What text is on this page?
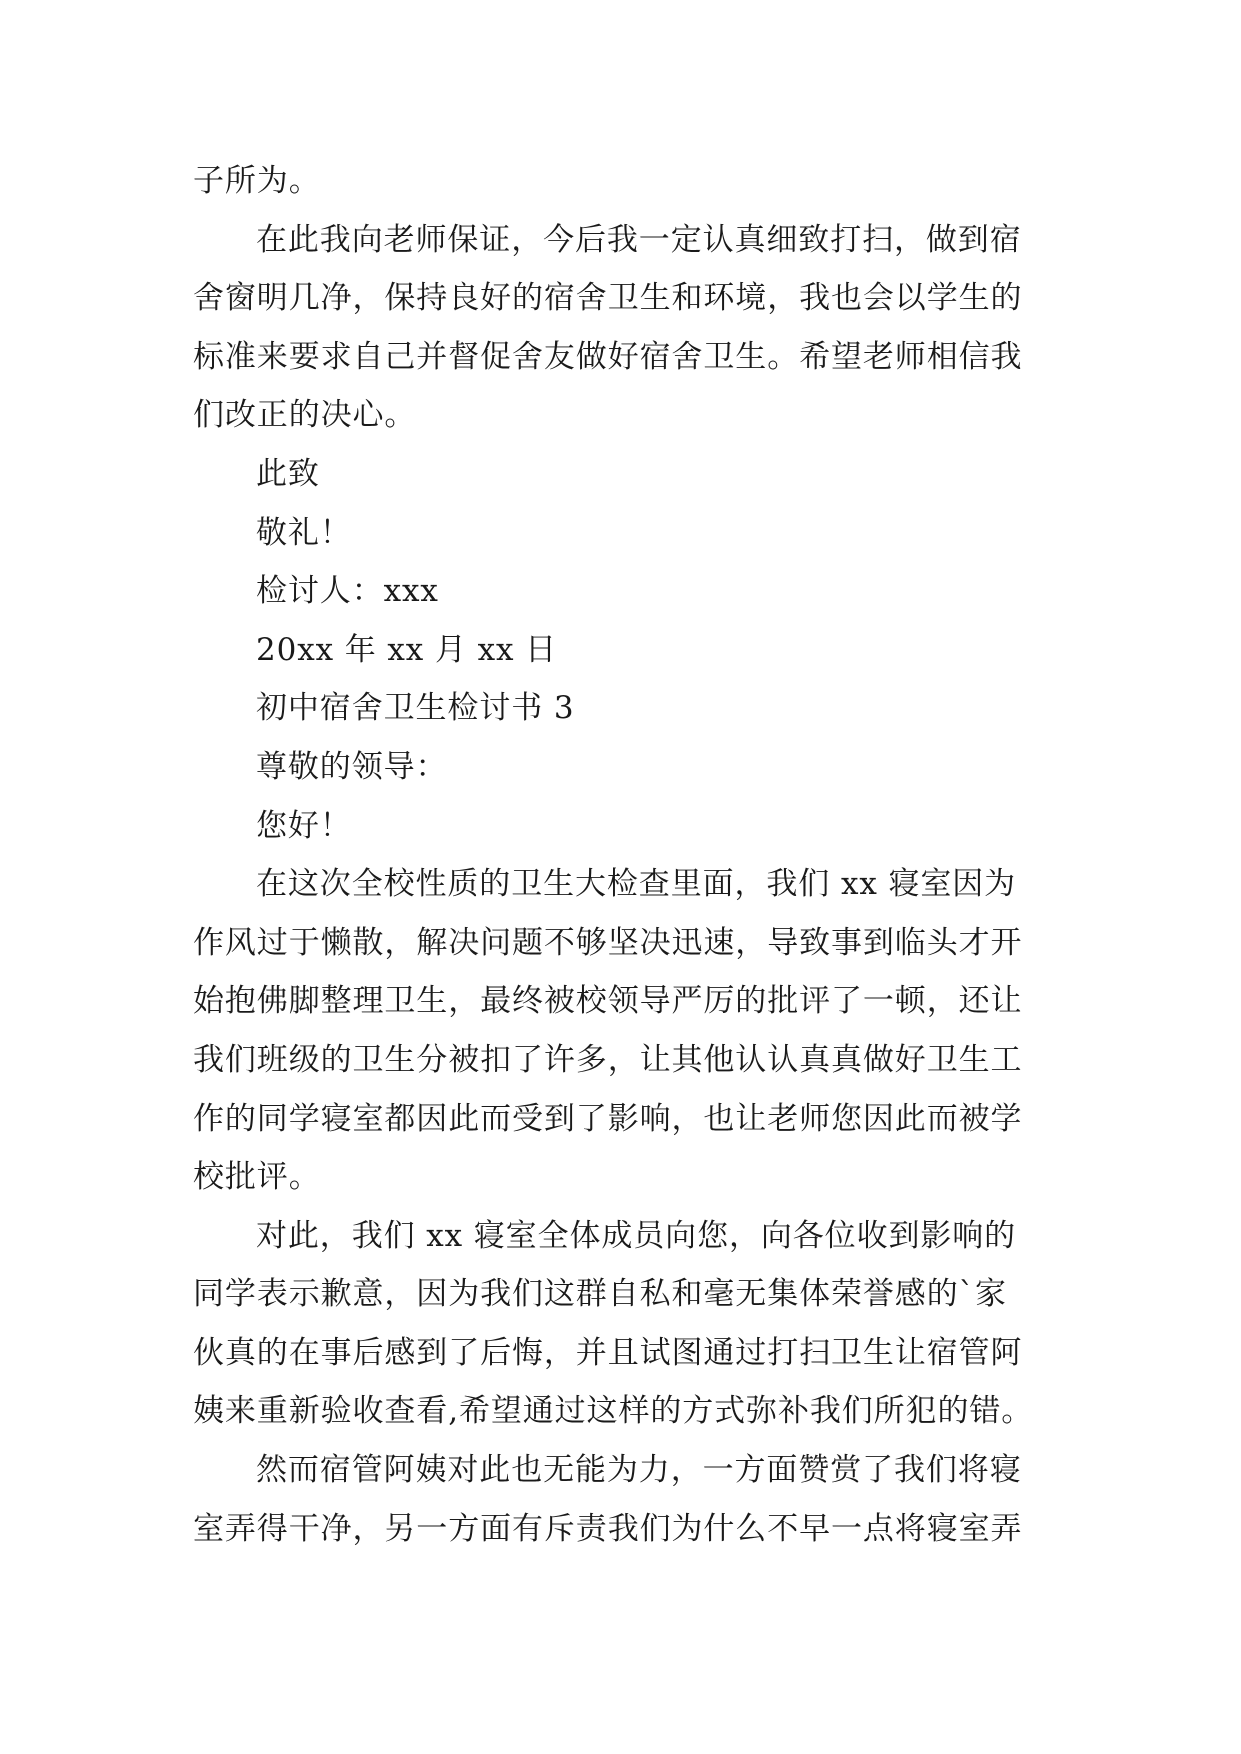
子所为。
在此我向老师保证，今后我一定认真细致打扫，做到宿
舍窗明几净，保持良好的宿舍卫生和环境，我也会以学生的
标准来要求自己并督促舍友做好宿舍卫生。希望老师相信我
们改正的决心。
此致
敬礼！
检讨人：xxx
20xx 年 xx 月 xx 日
初中宿舍卫生检讨书 3
尊敬的领导：
您好！
在这次全校性质的卫生大检查里面，我们 xx 寝室因为
作风过于懒散，解决问题不够坚决迅速，导致事到临头才开
始抱佛脚整理卫生，最终被校领导严厉的批评了一顿，还让
我们班级的卫生分被扣了许多，让其他认认真真做好卫生工
作的同学寝室都因此而受到了影响，也让老师您因此而被学
校批评。
对此，我们 xx 寝室全体成员向您，向各位收到影响的
同学表示歉意，因为我们这群自私和毫无集体荣誉感的`家
伙真的在事后感到了后悔，并且试图通过打扫卫生让宿管阿
姨来重新验收查看,希望通过这样的方式弥补我们所犯的错。
然而宿管阿姨对此也无能为力，一方面赞赏了我们将寝
室弄得干净，另一方面有斥责我们为什么不早一点将寝室弄
